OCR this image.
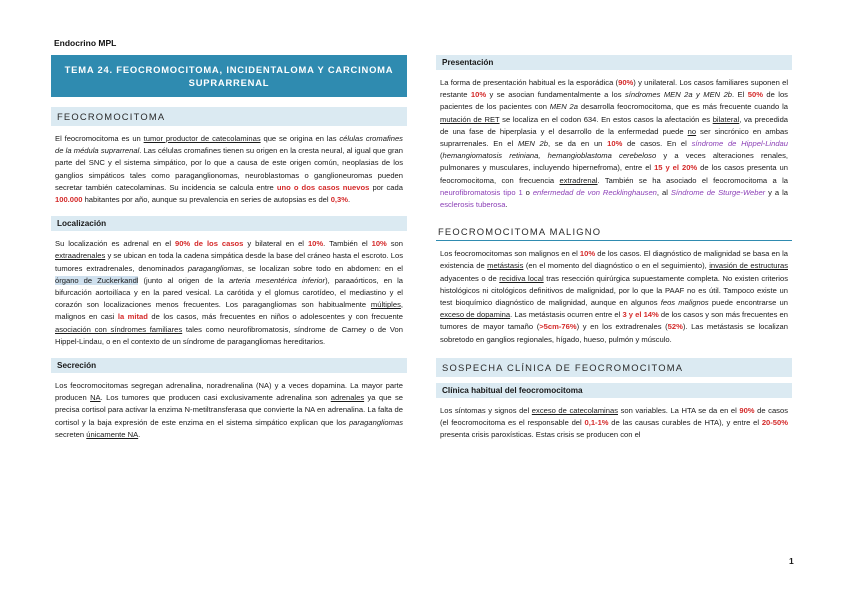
Endocrino MPL
TEMA 24. FEOCROMOCITOMA, INCIDENTALOMA Y CARCINOMA SUPRARRENAL
FEOCROMOCITOMA

El feocromocitoma es un tumor productor de catecolaminas que se origina en las células cromafines de la médula suprarrenal. Las células cromafines tienen su origen en la cresta neural, al igual que gran parte del SNC y el sistema simpático, por lo que a causa de este origen común, neoplasias de los ganglios simpáticos tales como paraganglionomas, neuroblastomas o ganglioneuromas pueden secretar también catecolaminas. Su incidencia se calcula entre uno o dos casos nuevos por cada 100.000 habitantes por año, aunque su prevalencia en series de autopsias es del 0,3%.

Localización

Su localización es adrenal en el 90% de los casos y bilateral en el 10%. También el 10% son extraadrenales y se ubican en toda la cadena simpática desde la base del cráneo hasta el escroto. Los tumores extradrenales, denominados paragangliomas, se localizan sobre todo en abdomen: en el órgano de Zuckerkandl (junto al origen de la arteria mesentérica inferior), paraaórticos, en la bifurcación aortoilíaca y en la pared vesical. La carótida y el glomus carotídeo, el mediastino y el corazón son localizaciones menos frecuentes. Los paragangliomas son habitualmente múltiples, malignos en casi la mitad de los casos, más frecuentes en niños o adolescentes y con frecuente asociación con síndromes familiares tales como neurofibromatosis, síndrome de Carney o de Von Hippel-Lindau, o en el contexto de un síndrome de paragangliomas hereditarios.

Secreción

Los feocromocitomas segregan adrenalina, noradrenalina (NA) y a veces dopamina. La mayor parte producen NA. Los tumores que producen casi exclusivamente adrenalina son adrenales ya que se precisa cortisol para activar la enzima N-metiltransferasa que convierte la NA en adrenalina. La falta de cortisol y la baja expresión de este enzima en el sistema simpático explican que los paragangliomas secreten únicamente NA.

Presentación

La forma de presentación habitual es la esporádica (90%) y unilateral. Los casos familiares suponen el restante 10% y se asocian fundamentalmente a los síndromes MEN 2a y MEN 2b. El 50% de los pacientes de los pacientes con MEN 2a desarrolla feocromocitoma, que es más frecuente cuando la mutación de RET se localiza en el codon 634. En estos casos la afectación es bilateral, va precedida de una fase de hiperplasia y el desarrollo de la enfermedad puede no ser sincrónico en ambas suprarrenales. En el MEN 2b, se da en un 10% de casos. En el síndrome de Hippel-Lindau (hemangiomatosis retiniana, hemangioblastoma cerebeloso y a veces alteraciones renales, pulmonares y musculares, incluyendo hipernefroma), entre el 15 y el 20% de los casos presenta un feocromocitoma, con frecuencia extradrenal. También se ha asociado el feocromocitoma a la neurofibromatosis tipo 1 o enfermedad de von Recklinghausen, al Síndrome de Sturge-Weber y a la esclerosis tuberosa.

FEOCROMOCITOMA MALIGNO

Los feocromocitomas son malignos en el 10% de los casos. El diagnóstico de malignidad se basa en la existencia de metástasis (en el momento del diagnóstico o en el seguimiento), invasión de estructuras adyacentes o de recidiva local tras resección quirúrgica supuestamente completa. No existen criterios histológicos ni citológicos definitivos de malignidad, por lo que la PAAF no es útil. Tampoco existe un test bioquímico diagnóstico de malignidad, aunque en algunos feos malignos puede encontrarse un exceso de dopamina. Las metástasis ocurren entre el 3 y el 14% de los casos y son más frecuentes en tumores de mayor tamaño (>5cm-76%) y en los extradrenales (52%). Las metástasis se localizan sobretodo en ganglios regionales, hígado, hueso, pulmón y músculo.

SOSPECHA CLÍNICA DE FEOCROMOCITOMA
Clínica habitual del feocromocitoma

Los síntomas y signos del exceso de catecolaminas son variables. La HTA se da en el 90% de casos (el feocromocitoma es el responsable del 0,1-1% de las causas curables de HTA), y entre el 20-50% presenta crisis paroxísticas. Estas crisis se producen con el

1
